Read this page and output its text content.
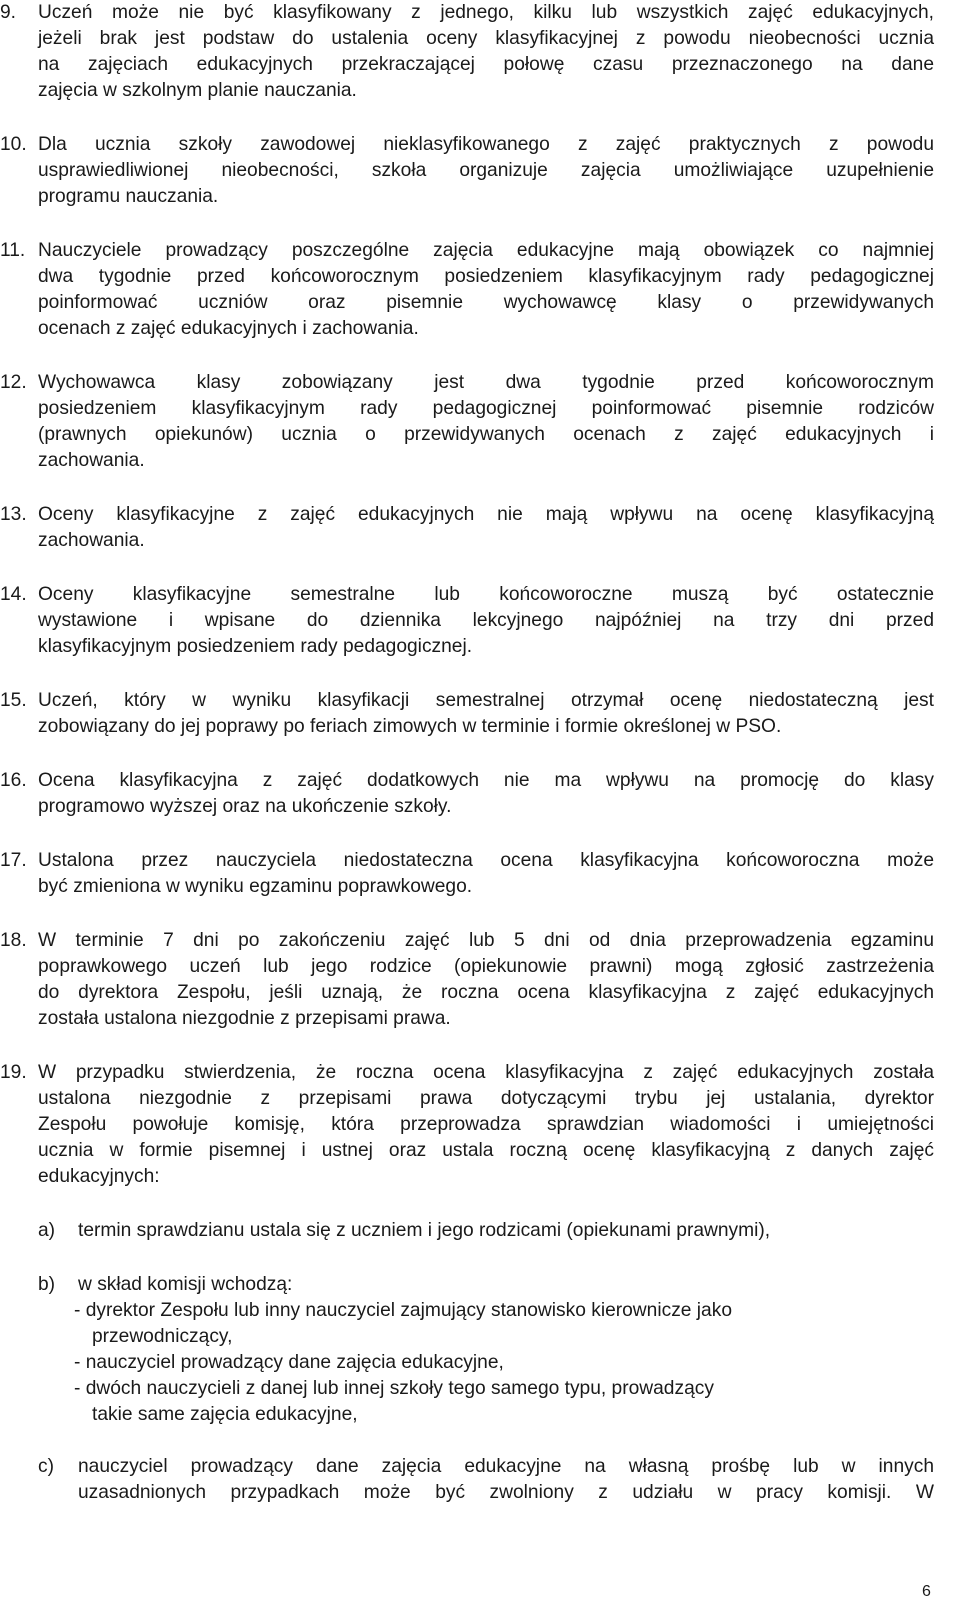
9.	Uczeń może nie być klasyfikowany z jednego, kilku lub wszystkich zajęć edukacyjnych,
jeżeli brak jest podstaw do ustalenia oceny klasyfikacyjnej z powodu nieobecności ucznia
na zajęciach edukacyjnych przekraczającej połowę czasu przeznaczonego na dane
zajęcia w szkolnym planie nauczania.
10. Dla ucznia szkoły zawodowej nieklasyfikowanego z zajęć praktycznych z powodu
usprawiedliwionej nieobecności, szkoła organizuje zajęcia umożliwiające uzupełnienie
programu nauczania.
11. Nauczyciele prowadzący poszczególne zajęcia edukacyjne mają obowiązek co najmniej
dwa tygodnie przed końcoworocznym posiedzeniem klasyfikacyjnym rady pedagogicznej
poinformować uczniów oraz pisemnie wychowawcę klasy o przewidywanych
ocenach z zajęć edukacyjnych i zachowania.
12. Wychowawca klasy zobowiązany jest dwa tygodnie przed końcoworocznym
posiedzeniem klasyfikacyjnym rady pedagogicznej poinformować pisemnie rodziców
(prawnych opiekunów) ucznia o przewidywanych ocenach z zajęć edukacyjnych i
zachowania.
13. Oceny klasyfikacyjne z zajęć edukacyjnych nie mają wpływu na ocenę klasyfikacyjną
zachowania.
14. Oceny klasyfikacyjne semestralne lub końcoworoczne muszą być ostatecznie
wystawione i wpisane do dziennika lekcyjnego najpóźniej na trzy dni przed
klasyfikacyjnym posiedzeniem rady pedagogicznej.
15. Uczeń, który w wyniku klasyfikacji semestralnej otrzymał ocenę niedostateczną jest
zobowiązany do jej poprawy po feriach zimowych w terminie i formie określonej w PSO.
16. Ocena klasyfikacyjna z zajęć dodatkowych nie ma wpływu na promocję do klasy
programowo wyższej oraz na ukończenie szkoły.
17. Ustalona przez nauczyciela niedostateczna ocena klasyfikacyjna końcoworoczna może
być zmieniona w wyniku egzaminu poprawkowego.
18. W terminie 7 dni po zakończeniu zajęć lub 5 dni od dnia przeprowadzenia egzaminu
poprawkowego uczeń lub jego rodzice (opiekunowie prawni) mogą zgłosić zastrzeżenia
do dyrektora Zespołu, jeśli uznają, że roczna ocena klasyfikacyjna z zajęć edukacyjnych
została ustalona niezgodnie z przepisami prawa.
19. W przypadku stwierdzenia, że roczna ocena klasyfikacyjna z zajęć edukacyjnych została
ustalona niezgodnie z przepisami prawa dotyczącymi trybu jej ustalania, dyrektor
Zespołu powołuje komisję, która przeprowadza sprawdzian wiadomości i umiejętności
ucznia w formie pisemnej i ustnej oraz ustala roczną ocenę klasyfikacyjną z danych zajęć
edukacyjnych:
a) termin sprawdzianu ustala się z uczniem i jego rodzicami (opiekunami prawnymi),
b) w skład komisji wchodzą:
- dyrektor Zespołu lub inny nauczyciel zajmujący stanowisko kierownicze jako
przewodniczący,
- nauczyciel prowadzący dane zajęcia edukacyjne,
- dwóch nauczycieli z danej lub innej szkoły tego samego typu, prowadzący
takie same zajęcia edukacyjne,
c) nauczyciel prowadzący dane zajęcia edukacyjne na własną prośbę lub w innych
uzasadnionych przypadkach może być zwolniony z udziału w pracy komisji. W
6
